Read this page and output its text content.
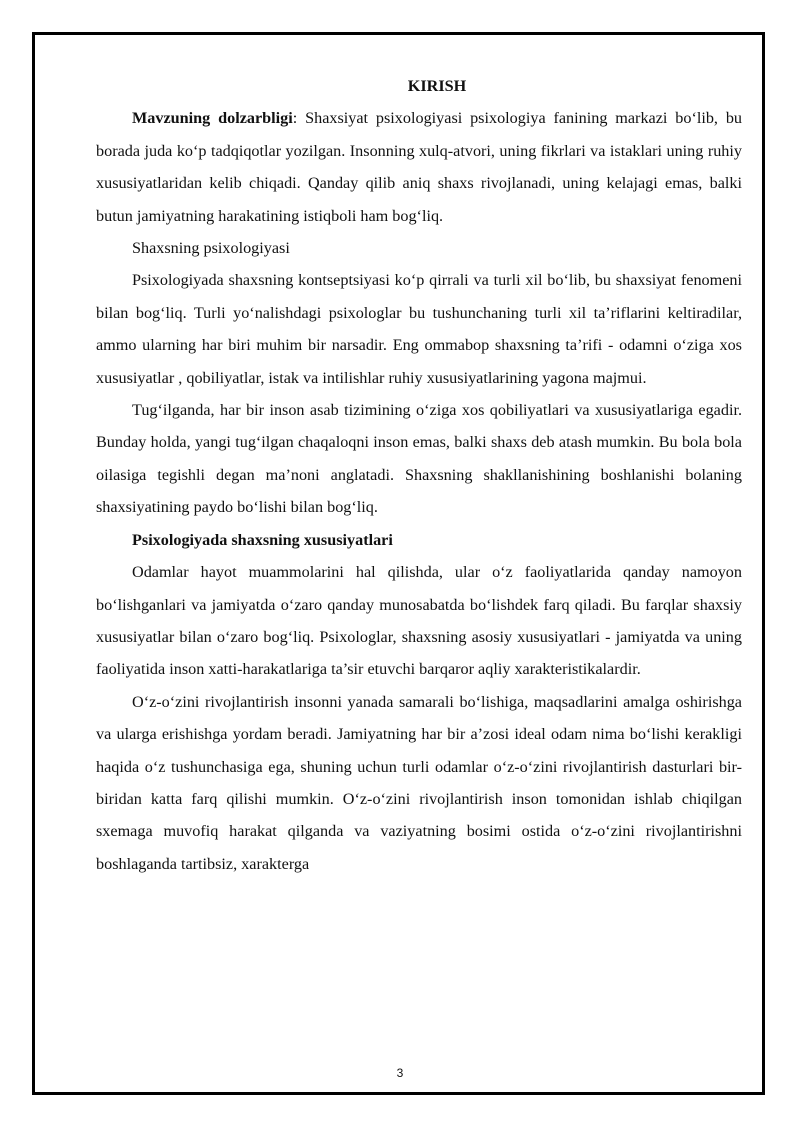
KIRISH

Mavzuning dolzarbligi: Shaxsiyat psixologiyasi psixologiya fanining markazi bo‘lib, bu borada juda ko‘p tadqiqotlar yozilgan. Insonning xulq-atvori, uning fikrlari va istaklari uning ruhiy xususiyatlaridan kelib chiqadi. Qanday qilib aniq shaxs rivojlanadi, uning kelajagi emas, balki butun jamiyatning harakatining istiqboli ham bog‘liq.

Shaxsning psixologiyasi

Psixologiyada shaxsning kontseptsiyasi ko‘p qirrali va turli xil bo‘lib, bu shaxsiyat fenomeni bilan bog‘liq. Turli yo‘nalishdagi psixologlar bu tushunchaning turli xil ta’riflarini keltiradilar, ammo ularning har biri muhim bir narsadir. Eng ommabop shaxsning ta’rifi - odamni o‘ziga xos xususiyatlar , qobiliyatlar, istak va intilishlar ruhiy xususiyatlarining yagona majmui.

Tug‘ilganda, har bir inson asab tizimining o‘ziga xos qobiliyatlari va xususiyatlariga egadir. Bunday holda, yangi tug‘ilgan chaqaloqni inson emas, balki shaxs deb atash mumkin. Bu bola bola oilasiga tegishli degan ma’noni anglatadi. Shaxsning shakllanishining boshlanishi bolaning shaxsiyatining paydo bo‘lishi bilan bog‘liq.

Psixologiyada shaxsning xususiyatlari

Odamlar hayot muammolarini hal qilishda, ular o‘z faoliyatlarida qanday namoyon bo‘lishganlari va jamiyatda o‘zaro qanday munosabatda bo‘lishdek farq qiladi. Bu farqlar shaxsiy xususiyatlar bilan o‘zaro bog‘liq. Psixologlar, shaxsning asosiy xususiyatlari - jamiyatda va uning faoliyatida inson xatti-harakatlariga ta’sir etuvchi barqaror aqliy xarakteristikalardir.

O‘z-o‘zini rivojlantirish insonni yanada samarali bo‘lishiga, maqsadlarini amalga oshirishga va ularga erishishga yordam beradi. Jamiyatning har bir a’zosi ideal odam nima bo‘lishi kerakligi haqida o‘z tushunchasiga ega, shuning uchun turli odamlar o‘z-o‘zini rivojlantirish dasturlari bir-biridan katta farq qilishi mumkin. O‘z-o‘zini rivojlantirish inson tomonidan ishlab chiqilgan sxemaga muvofiq harakat qilganda va vaziyatning bosimi ostida o‘z-o‘zini rivojlantirishni boshlaganda tartibsiz, xarakterga

3
